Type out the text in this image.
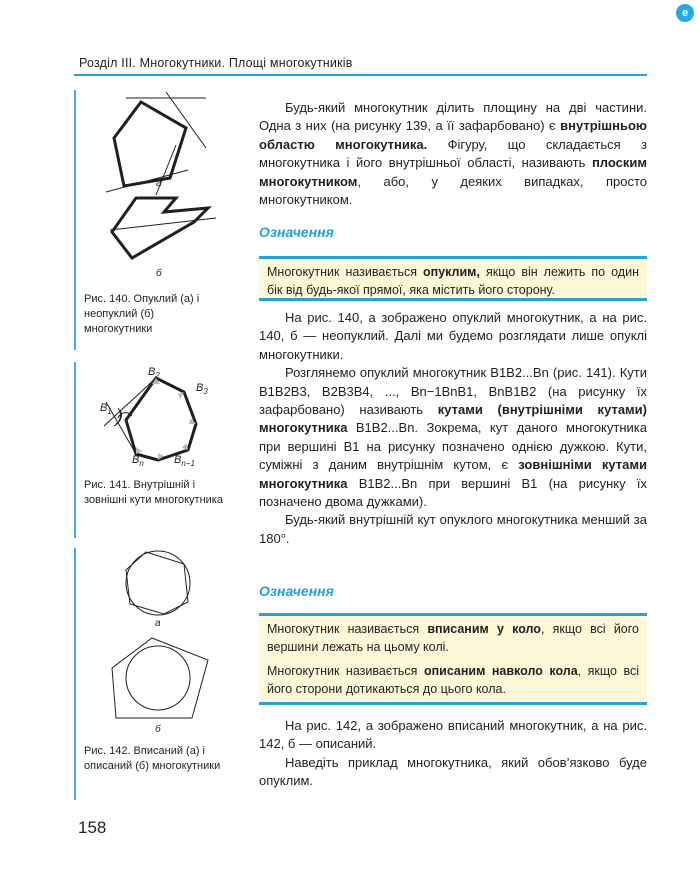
e
Розділ III. Многокутники. Площі многокутників
а
б
Рис. 140. Опуклий (а) і неопуклий (б) многокутники
$B_2$
$B_3$
$B_1$
$B_n$	$B_{n-1}$
Рис. 141. Внутрішній і зовнішні кути многокутника
а
б
Рис. 142. Вписаний (а) і описаний (б) многокутники

Будь-який многокутник ділить площину на дві частини. Одна з них (на рисунку 139, а її зафарбовано) є внутрішньою областю многокутника. Фігуру, що складається з многокутника і його внутрішньої області, називають плоским многокутником, або, у деяких випадках, просто многокутником.

Означення

Многокутник називається опуклим, якщо він лежить по один бік від будь-якої прямої, яка містить його сторону.

На рис. 140, а зображено опуклий многокутник, а на рис. 140, б — неопуклий. Далі ми будемо розглядати лише опуклі многокутники.

Розглянемо опуклий многокутник B1B2...Bn (рис. 141). Кути B1B2B3, B2B3B4, ..., Bn−1BnB1, BnB1B2 (на рисунку їх зафарбовано) називають кутами (внутрішніми кутами) многокутника B1B2...Bn. Зокрема, кут даного многокутника при вершині B1 на рисунку позначено однією дужкою. Кути, суміжні з даним внутрішнім кутом, є зовнішніми кутами многокутника B1B2...Bn при вершині B1 (на рисунку їх позначено двома дужками).

Будь-який внутрішній кут опуклого многокутника менший за 180°.

Означення

Многокутник називається вписаним у коло, якщо всі його вершини лежать на цьому колі.

Многокутник називається описаним навколо кола, якщо всі його сторони дотикаються до цього кола.

На рис. 142, а зображено вписаний многокутник, а на рис. 142, б — описаний.

Наведіть приклад многокутника, який обов’язково буде опуклим.

158
